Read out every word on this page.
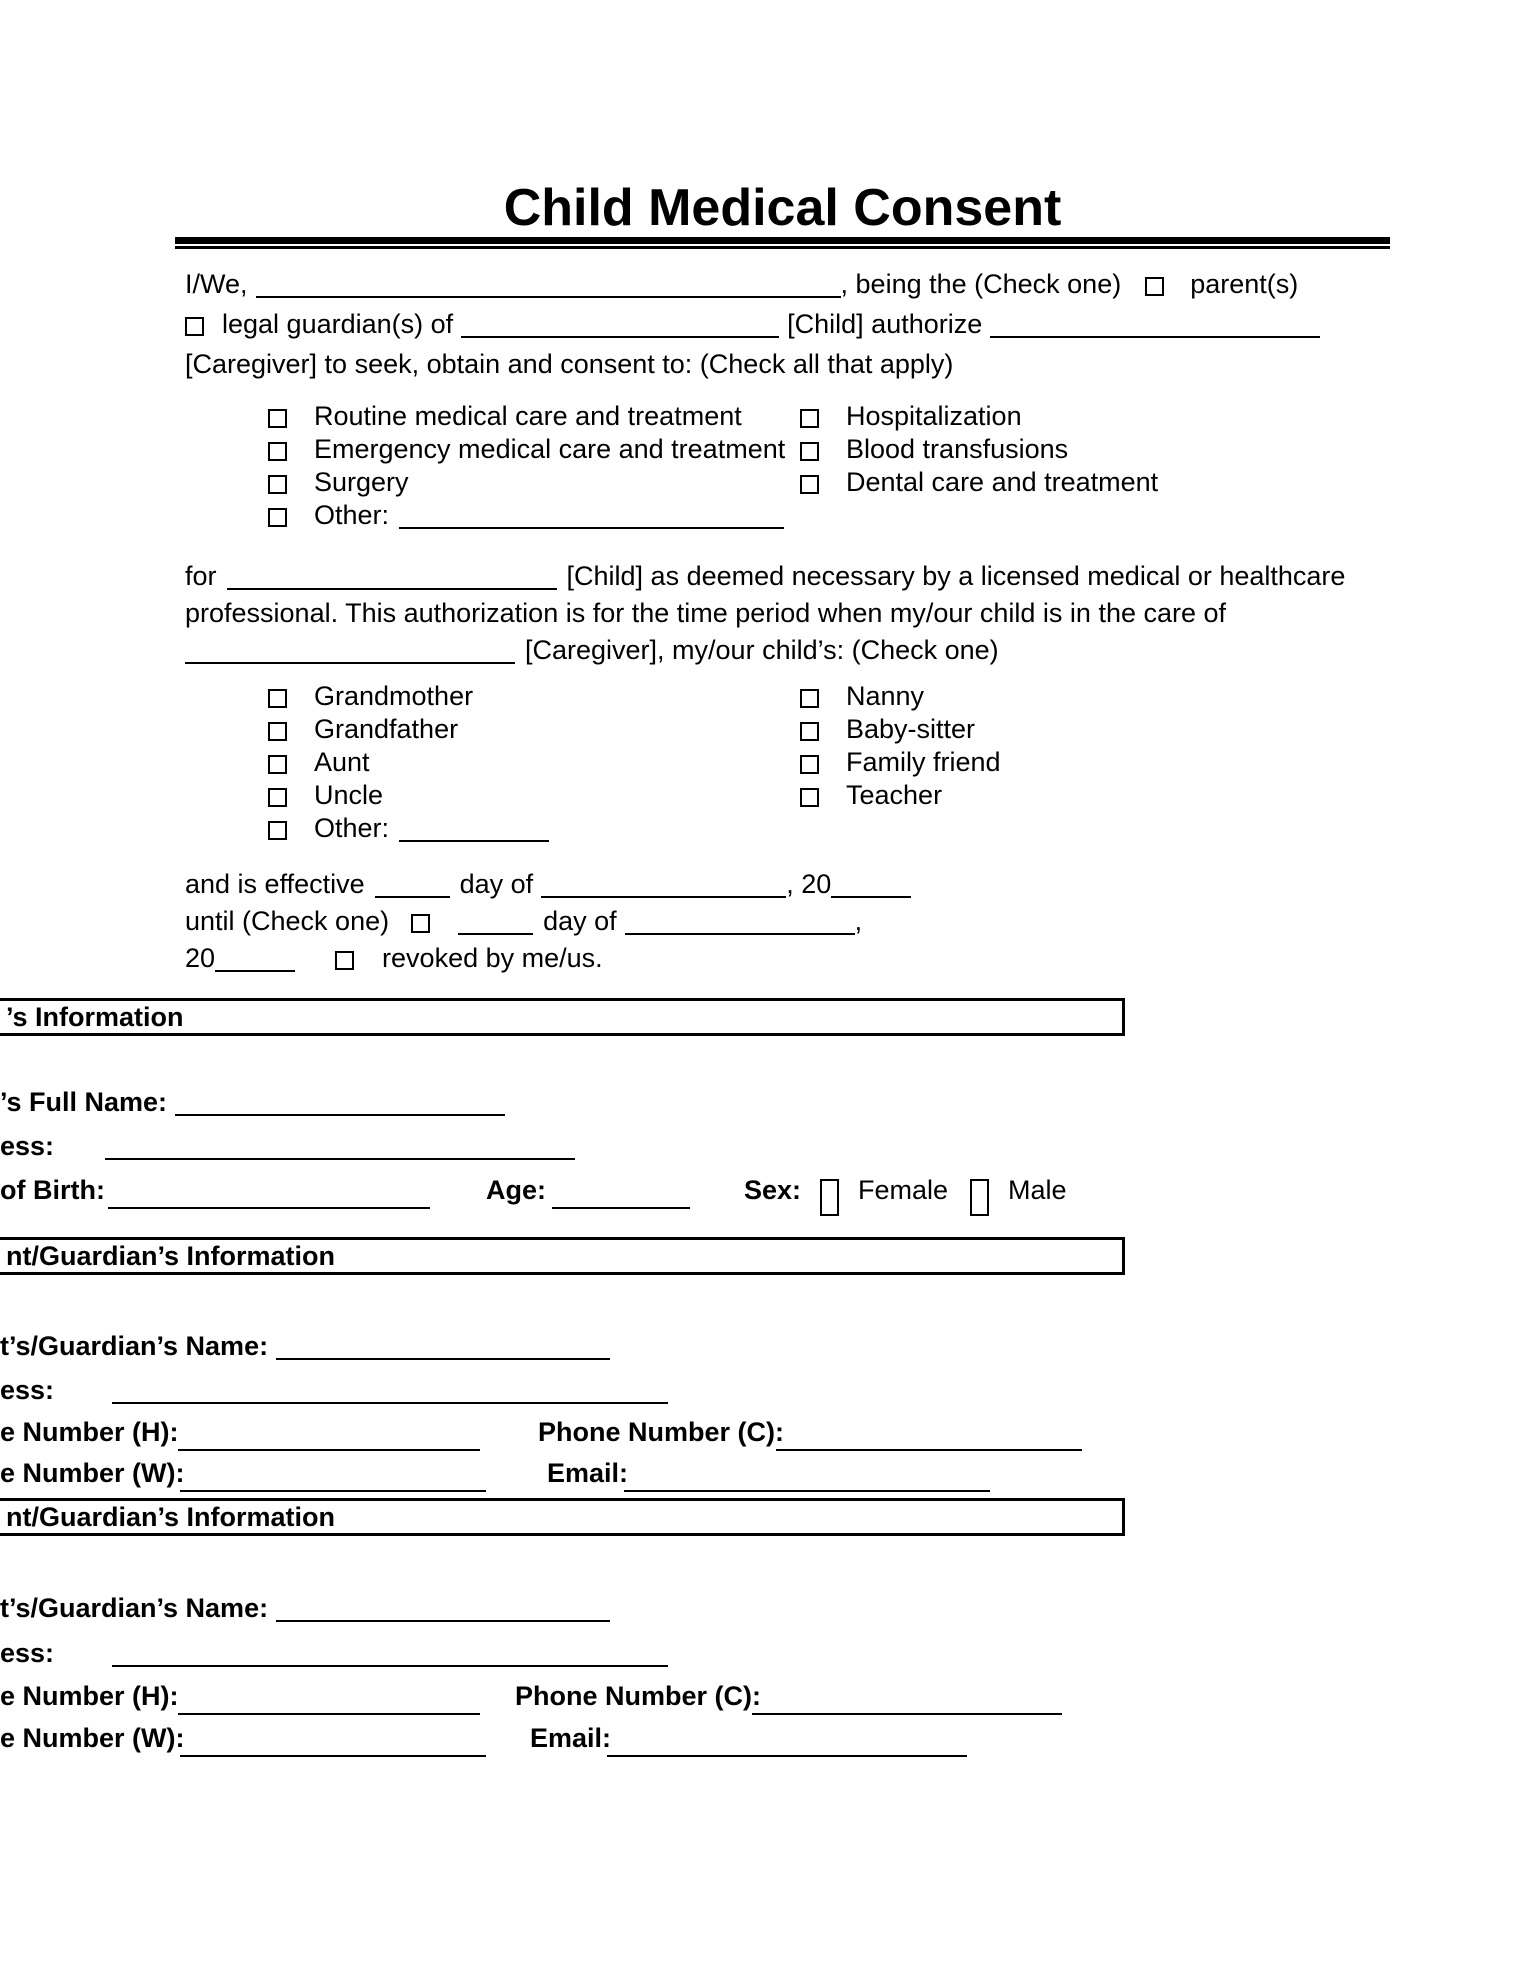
Child Medical Consent
I/We,	, being the (Check one)	parent(s)
legal guardian(s) of	[Child] authorize
[Caregiver] to seek, obtain and consent to: (Check all that apply)
Routine medical care and treatment
Emergency medical care and treatment
Surgery
Other:
Hospitalization
Blood transfusions
Dental care and treatment
for	[Child] as deemed necessary by a licensed medical or healthcare
professional. This authorization is for the time period when my/our child is in the care of
[Caregiver], my/our child’s: (Check one)
Grandmother
Grandfather
Aunt
Uncle
Other:
Nanny
Baby-sitter
Family friend
Teacher
and is effective	day of	, 20
until (Check one)	day of	,
20	revoked by me/us.
’s Information
’s Full Name:
ess:
of Birth:	Age:	Sex: Female Male
nt/Guardian’s Information
t’s/Guardian’s Name:
ess:
e Number (H):	Phone Number (C):
e Number (W):	Email:
nt/Guardian’s Information
t’s/Guardian’s Name:
ess:
e Number (H):	Phone Number (C):
e Number (W):	Email:
